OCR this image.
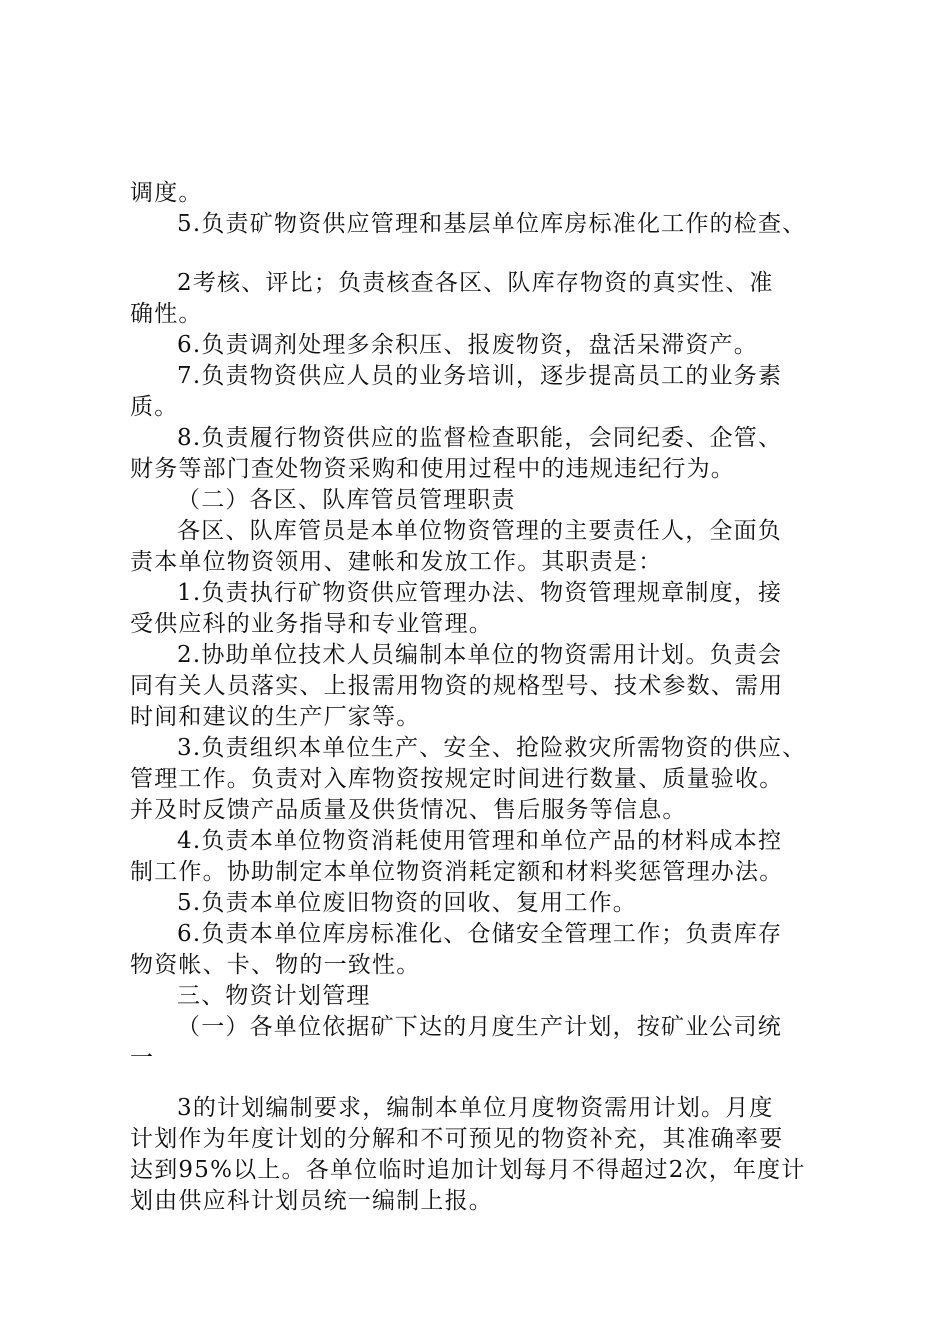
调度。
5.负责矿物资供应管理和基层单位库房标准化工作的检查、
2考核、评比；负责核查各区、队库存物资的真实性、准
确性。
6.负责调剂处理多余积压、报废物资，盘活呆滞资产。
7.负责物资供应人员的业务培训，逐步提高员工的业务素
质。
8.负责履行物资供应的监督检查职能，会同纪委、企管、
财务等部门查处物资采购和使用过程中的违规违纪行为。
（二）各区、队库管员管理职责
各区、队库管员是本单位物资管理的主要责任人，全面负
责本单位物资领用、建帐和发放工作。其职责是：
1.负责执行矿物资供应管理办法、物资管理规章制度，接
受供应科的业务指导和专业管理。
2.协助单位技术人员编制本单位的物资需用计划。负责会
同有关人员落实、上报需用物资的规格型号、技术参数、需用
时间和建议的生产厂家等。
3.负责组织本单位生产、安全、抢险救灾所需物资的供应、
管理工作。负责对入库物资按规定时间进行数量、质量验收。
并及时反馈产品质量及供货情况、售后服务等信息。
4.负责本单位物资消耗使用管理和单位产品的材料成本控
制工作。协助制定本单位物资消耗定额和材料奖惩管理办法。
5.负责本单位废旧物资的回收、复用工作。
6.负责本单位库房标准化、仓储安全管理工作；负责库存
物资帐、卡、物的一致性。
三、物资计划管理
（一）各单位依据矿下达的月度生产计划，按矿业公司统
一
3的计划编制要求，编制本单位月度物资需用计划。月度
计划作为年度计划的分解和不可预见的物资补充，其准确率要
达到95%以上。各单位临时追加计划每月不得超过2次，年度计
划由供应科计划员统一编制上报。
